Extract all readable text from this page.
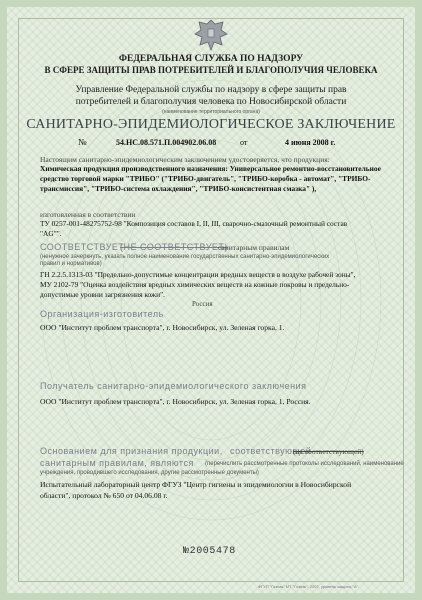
ФЕДЕРАЛЬНАЯ СЛУЖБА ПО НАДЗОРУ
В СФЕРЕ ЗАЩИТЫ ПРАВ ПОТРЕБИТЕЛЕЙ И БЛАГОПОЛУЧИЯ ЧЕЛОВЕКА
Управление Федеральной службы по надзору в сфере защиты прав
потребителей и благополучия человека по Новосибирской области
(наименование территориального органа)
САНИТАРНО-ЭПИДЕМИОЛОГИЧЕСКОЕ ЗАКЛЮЧЕНИЕ
№	54.НС.08.571.П.004902.06.08	от	4 июня 2008 г.
Настоящим санитарно-эпидемиологическим заключением удостоверяется, что продукция:
Химическая продукция производственного назначения: Универсальное ремонтно-восстановительное
средство торговой марки "ТРИБО" ("ТРИБО-двигатель", "ТРИБО-коробка - автомат", "ТРИБО-
трансмиссия", "ТРИБО-система охлаждения", "ТРИБО-консистентная смазка" ),
изготовленная в соответствии
ТУ 0257-001-48275752-98 "Композиция составов I, II, III, сварочно-смазочный ремонтный состав
"AG"".
СООТВЕТСТВУЕТ
(НЕ СООТВЕТСТВУЕТ)
санитарным правилам
(ненужное зачеркнуть, указать полное наименование государственных санитарно-эпидемиологических
правил и нормативов)
ГН 2.2.5.1313-03 "Предельно-допустимые концентрации вредных веществ в воздухе рабочей зоны",
МУ 2102-79 "Оценка воздействия вредных химических веществ на кожные покровы и предельно-
допустимые уровни загрязнения кожи".
Россия
Организация-изготовитель
ООО "Институт проблем транспорта", г. Новосибирск, ул. Зеленая горка, 1.
Получатель санитарно-эпидемиологического заключения
ООО "Институт проблем транспорта", г. Новосибирск, ул. Зеленая горка, 1, Россия.
Основанием для признания продукции, соответствующей
(не соответствующей)
санитарным правилам, являются (перечислить рассмотренные протоколы исследований, наименование
учреждения, проводившего исследования, другие рассмотренные документы)
Испытательный лабораторный центр ФГУЗ "Центр гигиены и эпидемиологии в Новосибирской
области", протокол № 650 от 04.06.08 г.
№2005478
ФГУП "Гознак" МТ "Гознак", 2007, уровень защиты "А"
